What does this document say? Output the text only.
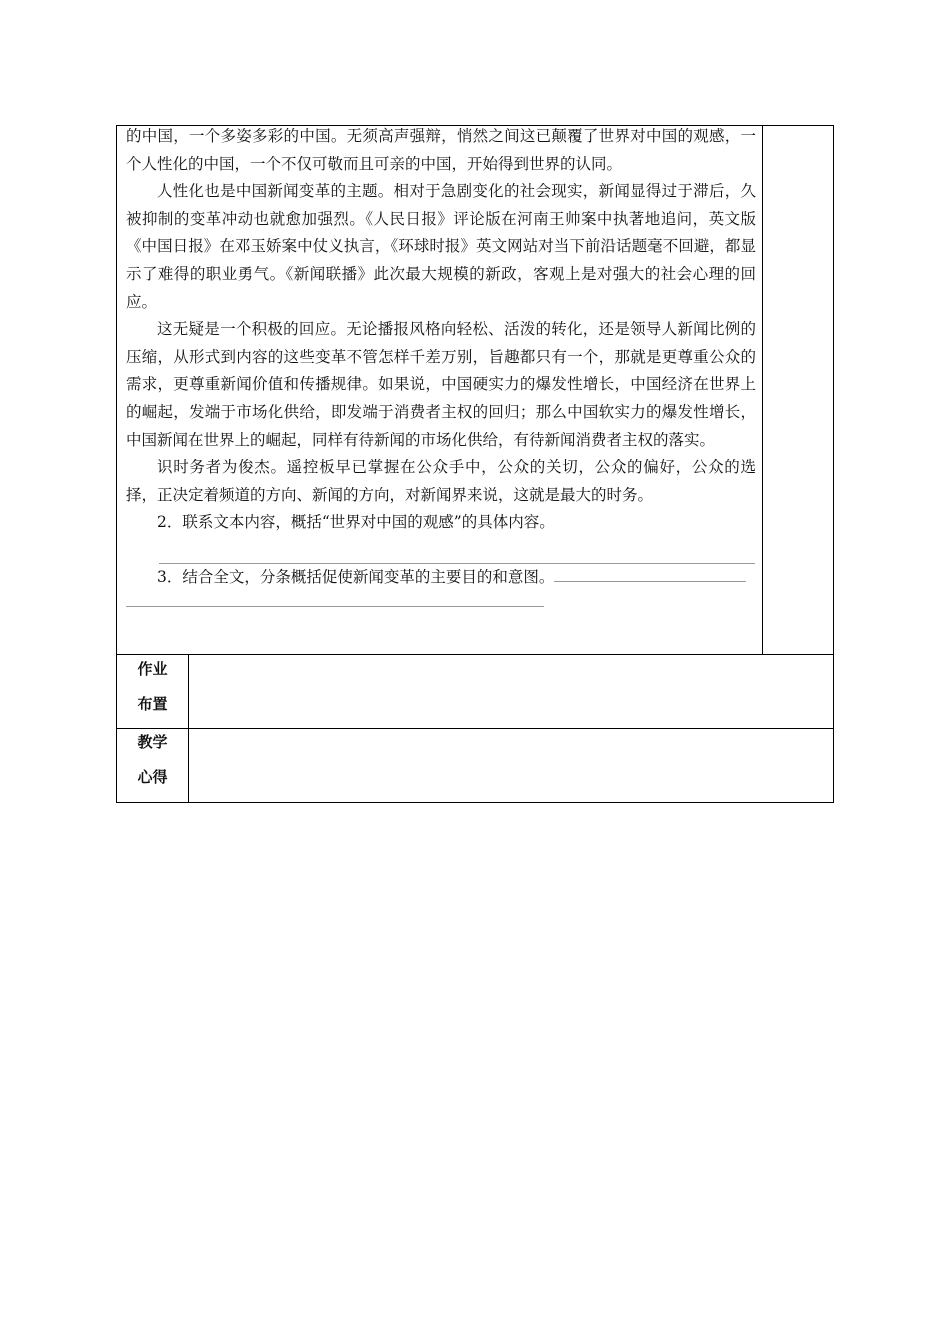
的中国，一个多姿多彩的中国。无须高声强辩，悄然之间这已颠覆了世界对中国的观感，一个人性化的中国，一个不仅可敬而且可亲的中国，开始得到世界的认同。

人性化也是中国新闻变革的主题。相对于急剧变化的社会现实，新闻显得过于滞后，久被抑制的变革冲动也就愈加强烈。《人民日报》评论版在河南王帅案中执著地追问，英文版《中国日报》在邓玉娇案中仗义执言，《环球时报》英文网站对当下前沿话题毫不回避，都显示了难得的职业勇气。《新闻联播》此次最大规模的新政，客观上是对强大的社会心理的回应。

这无疑是一个积极的回应。无论播报风格向轻松、活泼的转化，还是领导人新闻比例的压缩，从形式到内容的这些变革不管怎样千差万别，旨趣都只有一个，那就是更尊重公众的需求，更尊重新闻价值和传播规律。如果说，中国硬实力的爆发性增长，中国经济在世界上的崛起，发端于市场化供给，即发端于消费者主权的回归；那么中国软实力的爆发性增长，中国新闻在世界上的崛起，同样有待新闻的市场化供给，有待新闻消费者主权的落实。

识时务者为俊杰。遥控板早已掌握在公众手中，公众的关切，公众的偏好，公众的选择，正决定着频道的方向、新闻的方向，对新闻界来说，这就是最大的时务。

2．联系文本内容，概括“世界对中国的观感”的具体内容。

3．结合全文，分条概括促使新闻变革的主要目的和意图。

作业
布置
教学
心得
